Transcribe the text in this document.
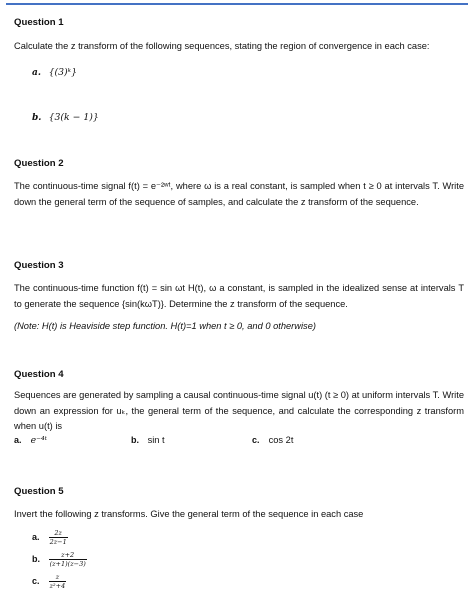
Question 1
Calculate the z transform of the following sequences, stating the region of convergence in each case:
a. {(3)ᵏ}
b. {3(k − 1)}
Question 2
The continuous-time signal f(t) = e⁻²ʷᵗ, where ω is a real constant, is sampled when t ≥ 0 at intervals T. Write down the general term of the sequence of samples, and calculate the z transform of the sequence.
Question 3
The continuous-time function f(t) = sin ωt H(t), ω a constant, is sampled in the idealized sense at intervals T to generate the sequence {sin(kωT)}. Determine the z transform of the sequence.
(Note: H(t) is Heaviside step function. H(t)=1 when t ≥ 0, and 0 otherwise)
Question 4
Sequences are generated by sampling a causal continuous-time signal u(t) (t ≥ 0) at uniform intervals T. Write down an expression for uₖ, the general term of the sequence, and calculate the corresponding z transform when u(t) is
a. e⁻⁴ᵗ	b. sin t	c. cos 2t
Question 5
Invert the following z transforms. Give the general term of the sequence in each case
a. $\frac{2z}{2z-1}$
b. $\frac{z+2}{(z+1)(z-3)}$
c. $\frac{z}{\text{z²+4}}$
